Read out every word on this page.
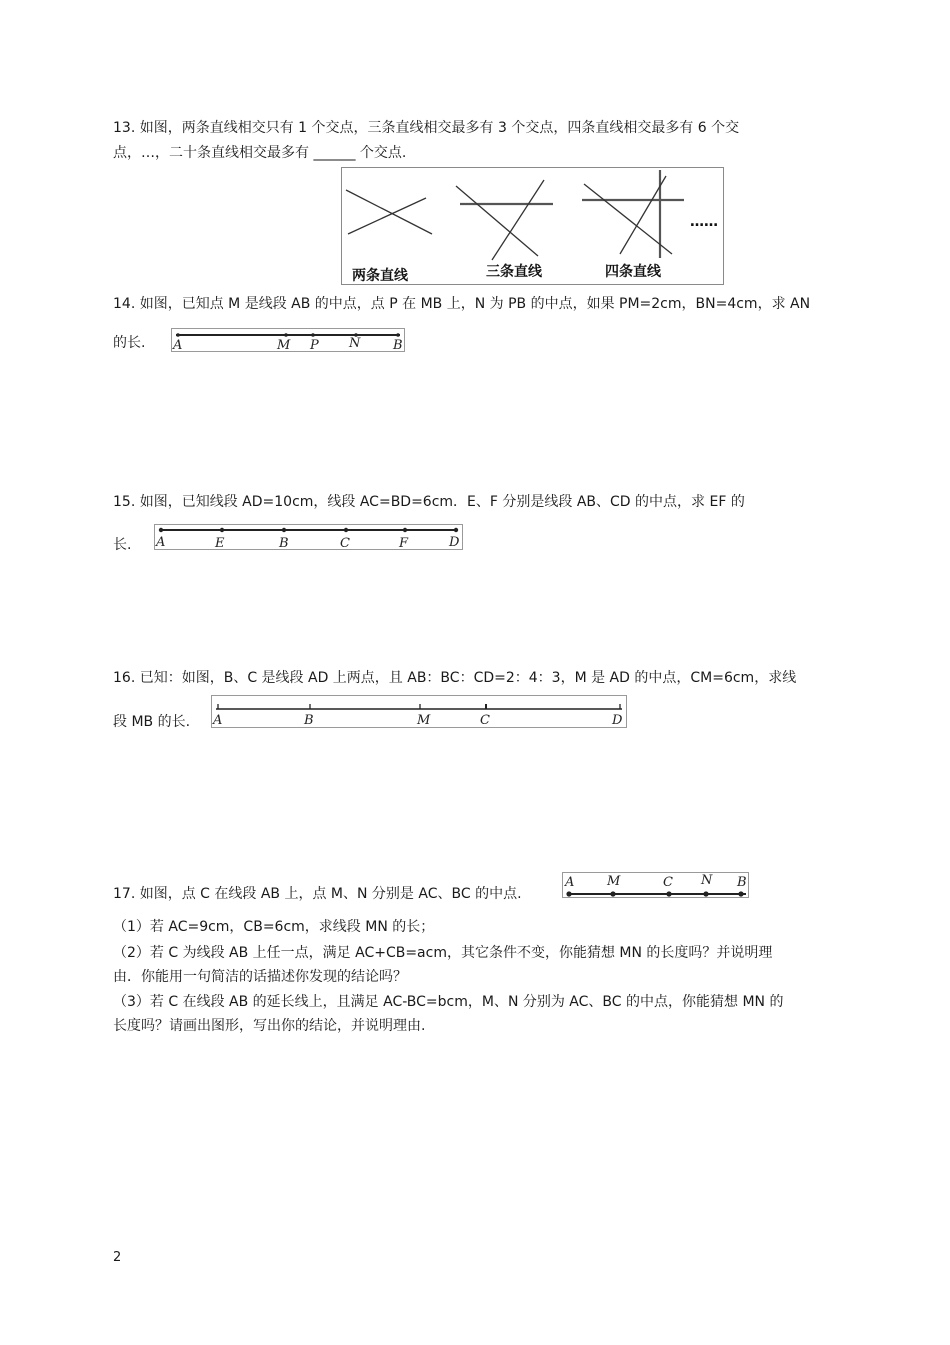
13. 如图，两条直线相交只有 1 个交点，三条直线相交最多有 3 个交点，四条直线相交最多有 6 个交
点，…，二十条直线相交最多有 ______ 个交点.
……
两条直线	三条直线	四条直线
14. 如图，已知点 M 是线段 AB 的中点，点 P 在 MB 上，N 为 PB 的中点，如果 PM=2cm，BN=4cm，求 AN
的长. A	M P N	B
15. 如图，已知线段 AD=10cm，线段 AC=BD=6cm．E、F 分别是线段 AB、CD 的中点，求 EF 的
长. A	E	B	C	F	D
16. 已知：如图，B、C 是线段 AD 上两点，且 AB：BC：CD=2：4：3，M 是 AD 的中点，CM=6cm，求线
段 MB 的长. A	B	M	C	D
17. 如图，点 C 在线段 AB 上，点 M、N 分别是 AC、BC 的中点.
A	M	C N B
（1）若 AC=9cm，CB=6cm，求线段 MN 的长；
（2）若 C 为线段 AB 上任一点，满足 AC+CB=acm，其它条件不变，你能猜想 MN 的长度吗？并说明理
由．你能用一句简洁的话描述你发现的结论吗？
（3）若 C 在线段 AB 的延长线上，且满足 AC-BC=bcm，M、N 分别为 AC、BC 的中点，你能猜想 MN 的
长度吗？请画出图形，写出你的结论，并说明理由.
2
